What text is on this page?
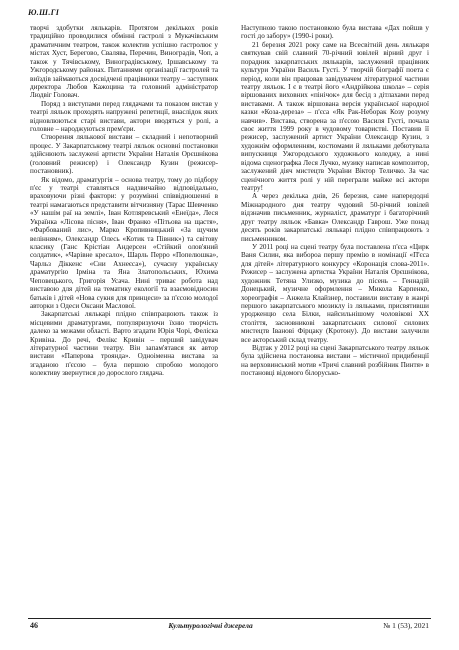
Ю.Ш.ГІ

творчі здобутки лялькарів. Протягом декількох років традиційно проводилися обмінні гастролі з Мукачівським драматичним театром, також колектив успішно гастролює у містах Хуст, Берегово, Свалява, Перечин, Виноградів, Чоп, а також у Тячівському, Виноградівському, Іршавському та Ужгородському районах. Питаннями організації гастролей та виїздів займаються досвідчені працівники театру – заступник директора Любов Кажоцина та головний адміністратор Людвіг Головач.

Поряд з виступами перед глядачами та показом вистав у театрі ляльок проходять напружені репетиції, внаслідок яких відновлюються старі вистави, актори вводяться у ролі, а головне – народжуються прем'єри.

Створення лялькової вистави – складний і непотворний процес. У Закарпатському театрі ляльок основні постановки здійснюють заслужені артисти України Наталія Орєшнікова (головний режисер) і Олександр Кузин (режисер-постановник).

Як відомо, драматургія – основа театру, тому до підбору п'єс у театрі ставляться надзвичайно відповідально, враховуючи різні фактори: у розумінні співвідношенні в театрі намагаються представити вітчизняну (Тарас Шевченко «У нашім раї на землі», Іван Котляревський «Енеїда», Леся Українка «Лісова пісня», Іван Франко «Пітьова на щастя», «Фарбований лис», Марко Кропивницький «За щучим велінням», Олександр Олесь «Котик та Півник») та світову класику (Ганс Крістіан Андерсен «Стійкий олов'яний солдатик», «Чарівне кресало», Шарль Перро «Попелюшка», Чарльз Діккенс «Сни Ахнеєса»), сучасну українську драматургію Ірміна та Яна Златопольських, Юхима Чеповецького, Григорія Усача. Нині триває робота над виставою для дітей на тематику екології та взаємовідносин батьків і дітей «Нова сукня для принцеси» за п'єсою молодої авторки з Одеси Оксани Маслової.

Закарпатські лялькарі плідно співпрацюють також із місцевими драматургами, популяризуючи їхню творчість далеко за межами області. Варто згадати Юрія Чорі, Феліска Кривіна. До речі, Фелікс Кривін – перший завідувач літературної частини театру. Він запам'ятався як автор вистави «Паперова троянда». Одноіменна вистава за згаданою п'єсою – була першою спробою молодого колективу звернутися до дорослого глядача.

Наступною такою постановкою була вистава «Дах пойшв у гості до забору» (1990-і роки).

21 березня 2021 року саме на Всесвітній день лялькаря святкував свій славний 70-річний ювілей вірний друг і порадник закарпатських лялькарів, заслужений працівник культури України Василь Густі. У творчій біографії поета є період, коли він працював завідувачем літературної частини театру ляльок. І є в театрі його «Андрійкова школа» – серія віршованих виховних «пінічок» для бесід з дітлахами перед виставами. А також віршована версія української народної казки «Коза-дереза» – п'єса «Як Рак-Неборак Козу розуму навчив». Вистава, створена за п'єсою Василя Густі, почала своє життя 1999 року в чудовому товаристві. Поставив її режисер, заслужений артист України Олександр Кузин, з художнім оформленням, костюмами й ляльками дебютувала випускниця Ужгородського художнього коледжу, а нині відома сценографка Леся Лучко, музику написав композитор, заслужений діяч мистецтв України Віктор Теличко. За час сценічного життя ролі у ній переграли майже всі актори театру!

А через декілька днів, 26 березня, саме напередодні Міжнародного дня театру чудовий 50-річний ювілей відзначив письменник, журналіст, драматург і багаторічний друг театру ляльок «Бавка» Олександр Гаврош. Уже понад десять років закарпатські лялькарі плідно співпрацюють з письменником.

У 2011 році на сцені театру була поставлена п'єса «Циpк Ваня Силин, яка вибороа першу премію в номінації «П'єса для дітей» літературного конкурсу «Коронація слова-2011». Режисер – заслужена артистка України Наталія Орєшнікова, художник Тетяна Улизко, музика до пісень – Геннадій Донецький, музичне оформлення – Микола Карпенко, хореографія – Анжела Клайзнер, поставили виставу в жанрі першого закарпатського мюзиклу із ляльками, присвятивши уродженцю села Білки, найсильнішому чоловікові ХХ століття, засновникові закарпатських силової силових мистецтв Іванові Фірцаку (Кротону). До вистави залучили все акторський склад театру.

Відтак у 2012 році на сцені Закарпатського театру ляльок була здійснена постановка вистави – містичної придибенції на верховинський мотив «Тричі славний розбійник Пинтя» в постановці відомого білорусько-

46	Культурологічні джерела	№ 1 (53), 2021
